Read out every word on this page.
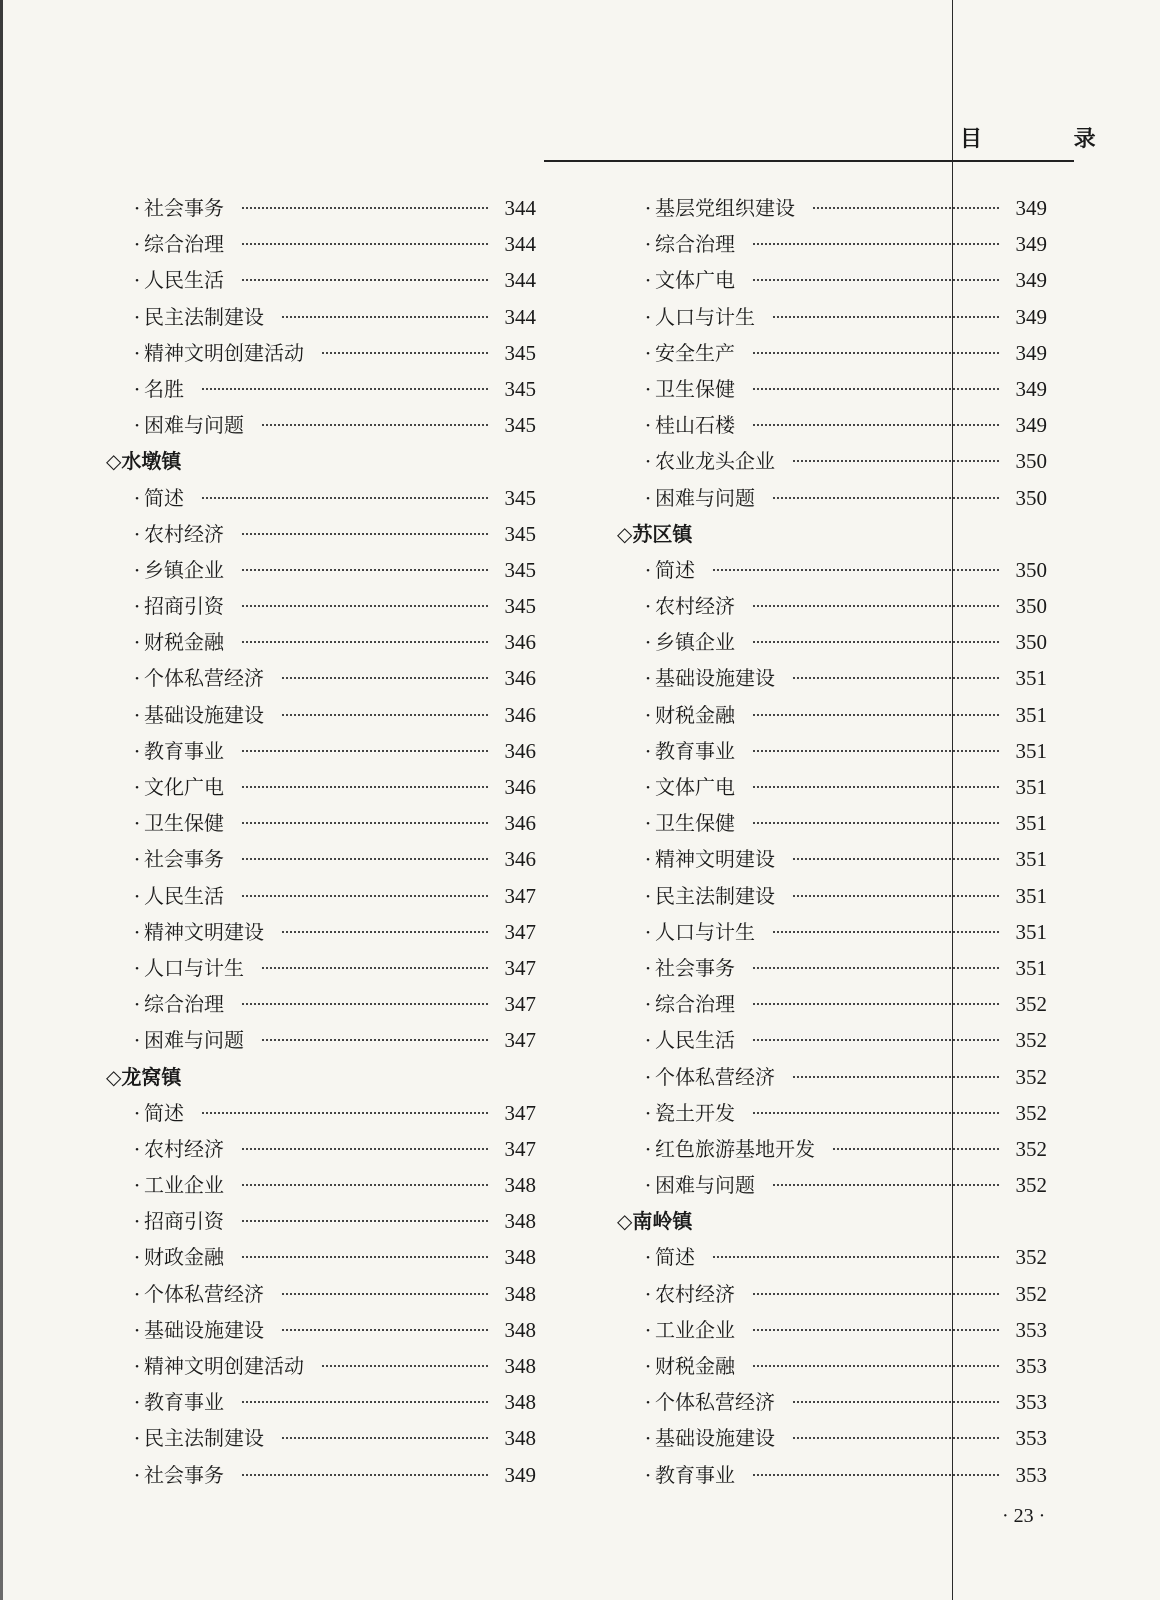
目 录
· 社会事务	344
· 综合治理	344
· 人民生活	344
· 民主法制建设	344
· 精神文明创建活动	345
· 名胜	345
· 困难与问题	345
◇水墩镇
· 简述	345
· 农村经济	345
· 乡镇企业	345
· 招商引资	345
· 财税金融	346
· 个体私营经济	346
· 基础设施建设	346
· 教育事业	346
· 文化广电	346
· 卫生保健	346
· 社会事务	346
· 人民生活	347
· 精神文明建设	347
· 人口与计生	347
· 综合治理	347
· 困难与问题	347
◇龙窝镇
· 简述	347
· 农村经济	347
· 工业企业	348
· 招商引资	348
· 财政金融	348
· 个体私营经济	348
· 基础设施建设	348
· 精神文明创建活动	348
· 教育事业	348
· 民主法制建设	348
· 社会事务	349
· 基层党组织建设	349
· 综合治理	349
· 文体广电	349
· 人口与计生	349
· 安全生产	349
· 卫生保健	349
· 桂山石楼	349
· 农业龙头企业	350
· 困难与问题	350
◇苏区镇
· 简述	350
· 农村经济	350
· 乡镇企业	350
· 基础设施建设	351
· 财税金融	351
· 教育事业	351
· 文体广电	351
· 卫生保健	351
· 精神文明建设	351
· 民主法制建设	351
· 人口与计生	351
· 社会事务	351
· 综合治理	352
· 人民生活	352
· 个体私营经济	352
· 瓷土开发	352
· 红色旅游基地开发	352
· 困难与问题	352
◇南岭镇
· 简述	352
· 农村经济	352
· 工业企业	353
· 财税金融	353
· 个体私营经济	353
· 基础设施建设	353
· 教育事业	353
· 23 ·
